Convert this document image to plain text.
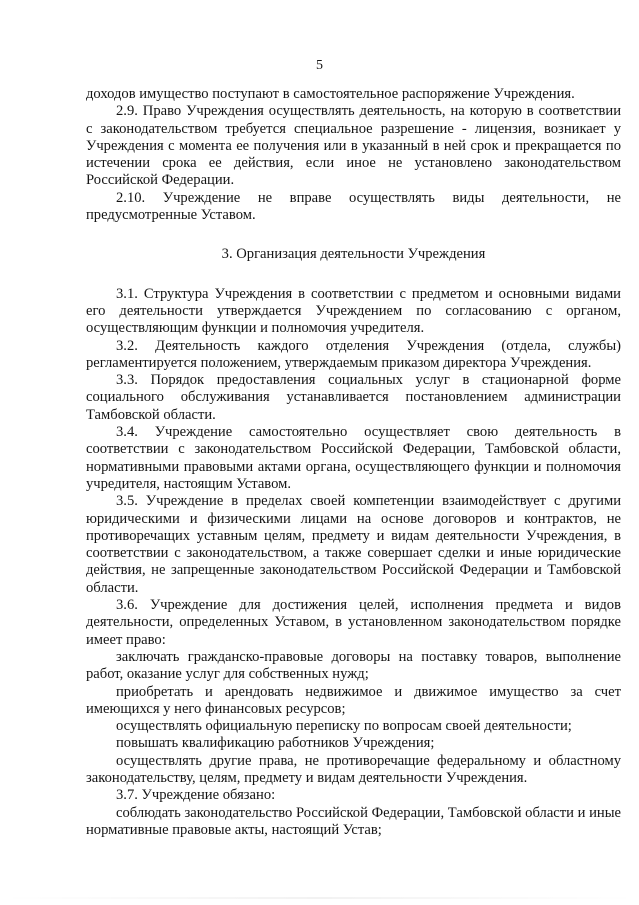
5

доходов имущество поступают в самостоятельное распоряжение Учреждения.

2.9. Право Учреждения осуществлять деятельность, на которую в соответствии с законодательством требуется специальное разрешение - лицензия, возникает у Учреждения с момента ее получения или в указанный в ней срок и прекращается по истечении срока ее действия, если иное не установлено законодательством Российской Федерации.

2.10. Учреждение не вправе осуществлять виды деятельности, не предусмотренные Уставом.

3. Организация деятельности Учреждения

3.1. Структура Учреждения в соответствии с предметом и основными видами его деятельности утверждается Учреждением по согласованию с органом, осуществляющим функции и полномочия учредителя.

3.2. Деятельность каждого отделения Учреждения (отдела, службы) регламентируется положением, утверждаемым приказом директора Учреждения.

3.3. Порядок предоставления социальных услуг в стационарной форме социального обслуживания устанавливается постановлением администрации Тамбовской области.

3.4. Учреждение самостоятельно осуществляет свою деятельность в соответствии с законодательством Российской Федерации, Тамбовской области, нормативными правовыми актами органа, осуществляющего функции и полномочия учредителя, настоящим Уставом.

3.5. Учреждение в пределах своей компетенции взаимодействует с другими юридическими и физическими лицами на основе договоров и контрактов, не противоречащих уставным целям, предмету и видам деятельности Учреждения, в соответствии с законодательством, а также совершает сделки и иные юридические действия, не запрещенные законодательством Российской Федерации и Тамбовской области.

3.6. Учреждение для достижения целей, исполнения предмета и видов деятельности, определенных Уставом, в установленном законодательством порядке имеет право:

заключать гражданско-правовые договоры на поставку товаров, выполнение работ, оказание услуг для собственных нужд;

приобретать и арендовать недвижимое и движимое имущество за счет имеющихся у него финансовых ресурсов;

осуществлять официальную переписку по вопросам своей деятельности;

повышать квалификацию работников Учреждения;

осуществлять другие права, не противоречащие федеральному и областному законодательству, целям, предмету и видам деятельности Учреждения.

3.7. Учреждение обязано:

соблюдать законодательство Российской Федерации, Тамбовской области и иные нормативные правовые акты, настоящий Устав;
